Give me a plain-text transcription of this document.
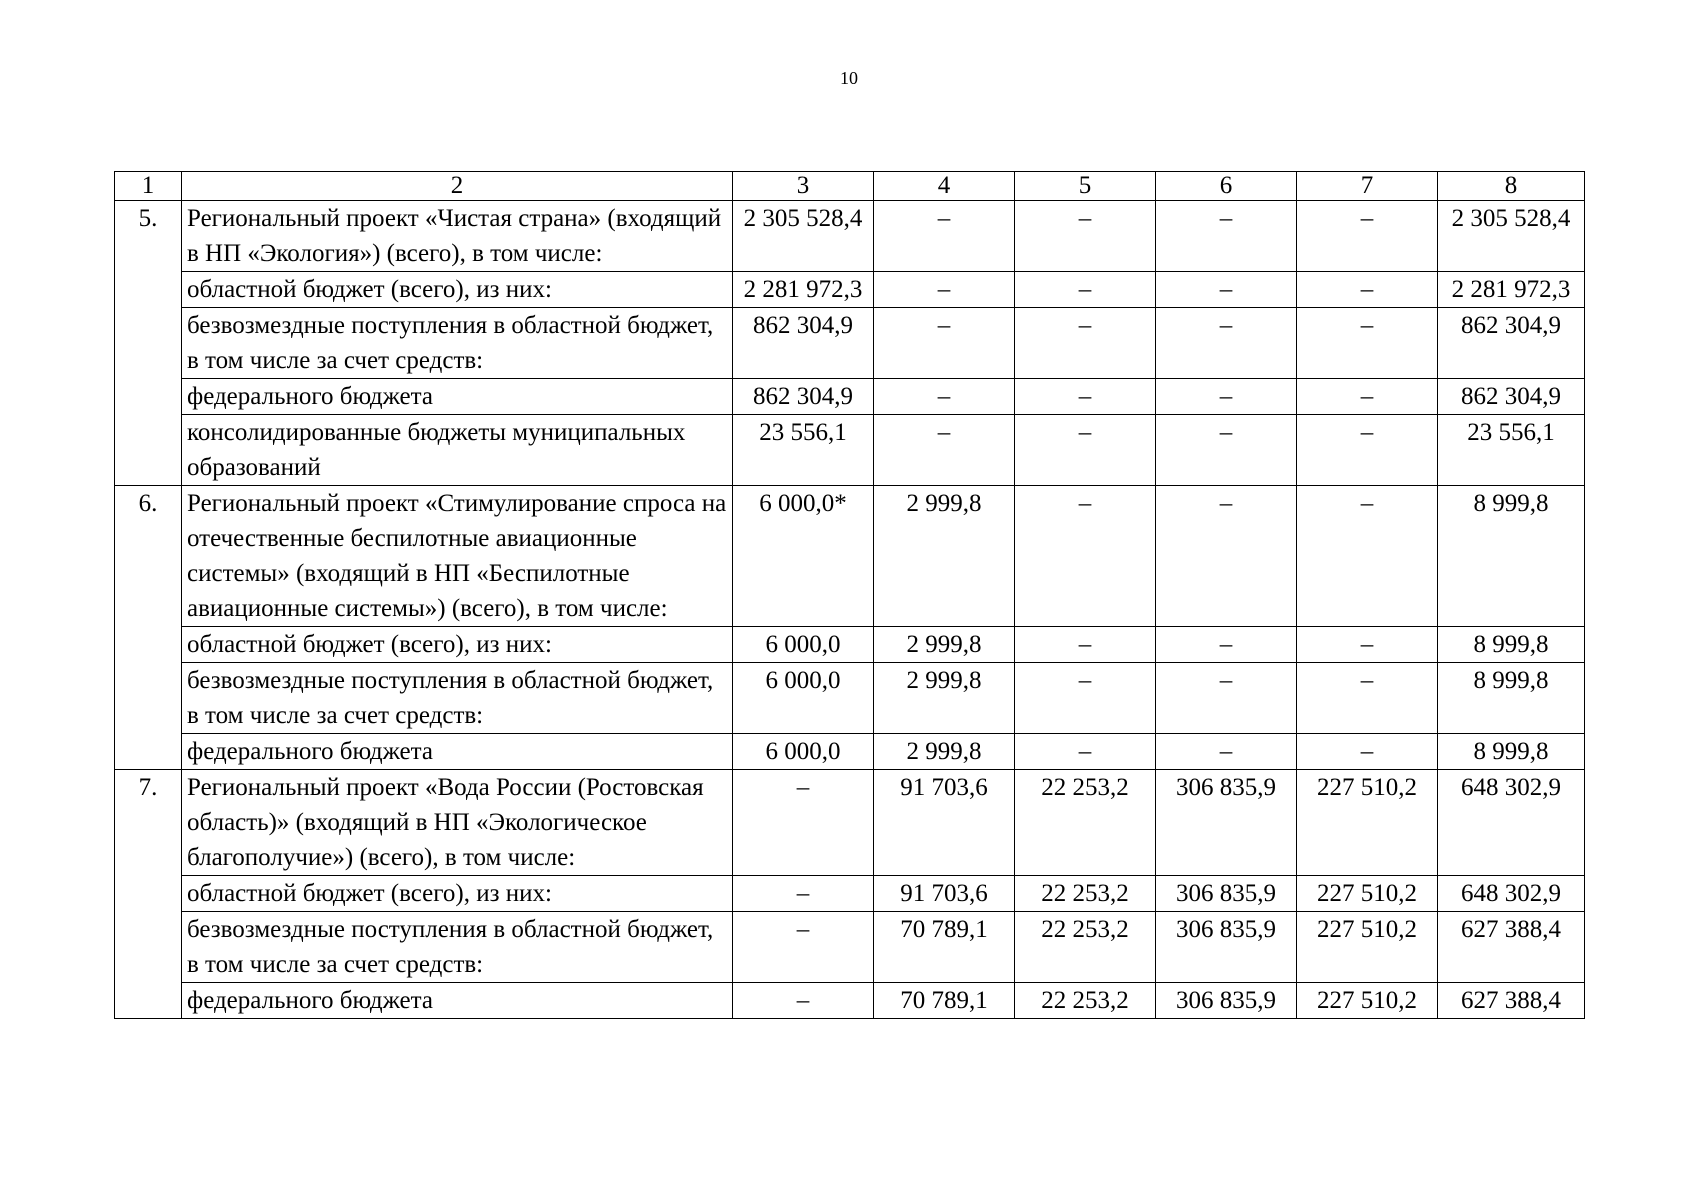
10
1	2	3	4	5	6	7	8
5.	Региональный проект «Чистая страна» (входящий в НП «Экология») (всего), в том числе:	2 305 528,4	–	–	–	–	2 305 528,4
	областной бюджет (всего), из них:	2 281 972,3	–	–	–	–	2 281 972,3
	безвозмездные поступления в областной бюджет, в том числе за счет средств:	862 304,9	–	–	–	–	862 304,9
	федерального бюджета	862 304,9	–	–	–	–	862 304,9
	консолидированные бюджеты муниципальных образований	23 556,1	–	–	–	–	23 556,1
6.	Региональный проект «Стимулирование спроса на отечественные беспилотные авиационные системы» (входящий в НП «Беспилотные авиационные системы») (всего), в том числе:	6 000,0*	2 999,8	–	–	–	8 999,8
	областной бюджет (всего), из них:	6 000,0	2 999,8	–	–	–	8 999,8
	безвозмездные поступления в областной бюджет, в том числе за счет средств:	6 000,0	2 999,8	–	–	–	8 999,8
	федерального бюджета	6 000,0	2 999,8	–	–	–	8 999,8
7.	Региональный проект «Вода России (Ростовская область)» (входящий в НП «Экологическое благополучие») (всего), в том числе:	–	91 703,6	22 253,2	306 835,9	227 510,2	648 302,9
	областной бюджет (всего), из них:	–	91 703,6	22 253,2	306 835,9	227 510,2	648 302,9
	безвозмездные поступления в областной бюджет, в том числе за счет средств:	–	70 789,1	22 253,2	306 835,9	227 510,2	627 388,4
	федерального бюджета	–	70 789,1	22 253,2	306 835,9	227 510,2	627 388,4
